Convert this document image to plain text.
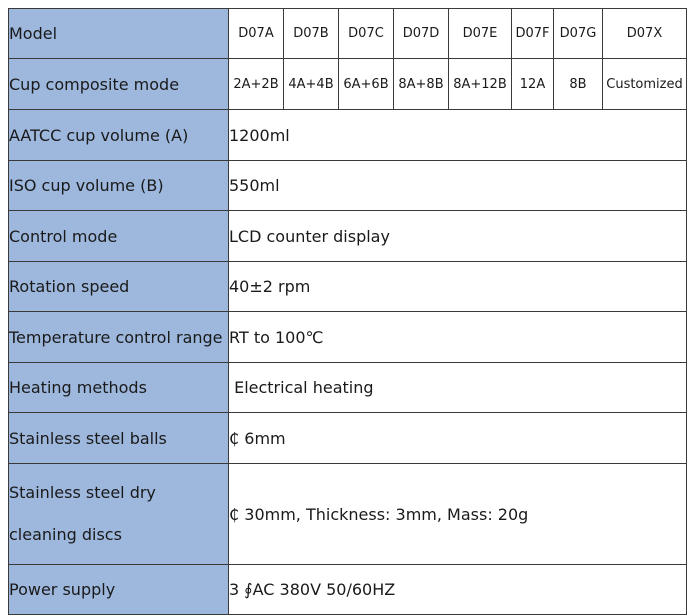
Model	D07A	D07B	D07C	D07D	D07E	D07F	D07G	D07X
Cup composite mode	2A+2B	4A+4B	6A+6B	8A+8B	8A+12B	12A	8B	Customized
AATCC cup volume (A)	1200ml							
ISO cup volume (B)	550ml							
Control mode	LCD counter display							
Rotation speed	40±2 rpm							
Temperature control range	RT to 100℃							
Heating methods	Electrical heating							
Stainless steel balls	₵ 6mm							
Stainless steel dry cleaning discs	₵ 30mm, Thickness: 3mm, Mass: 20g							
Power supply	3 ∮AC 380V 50/60HZ							
